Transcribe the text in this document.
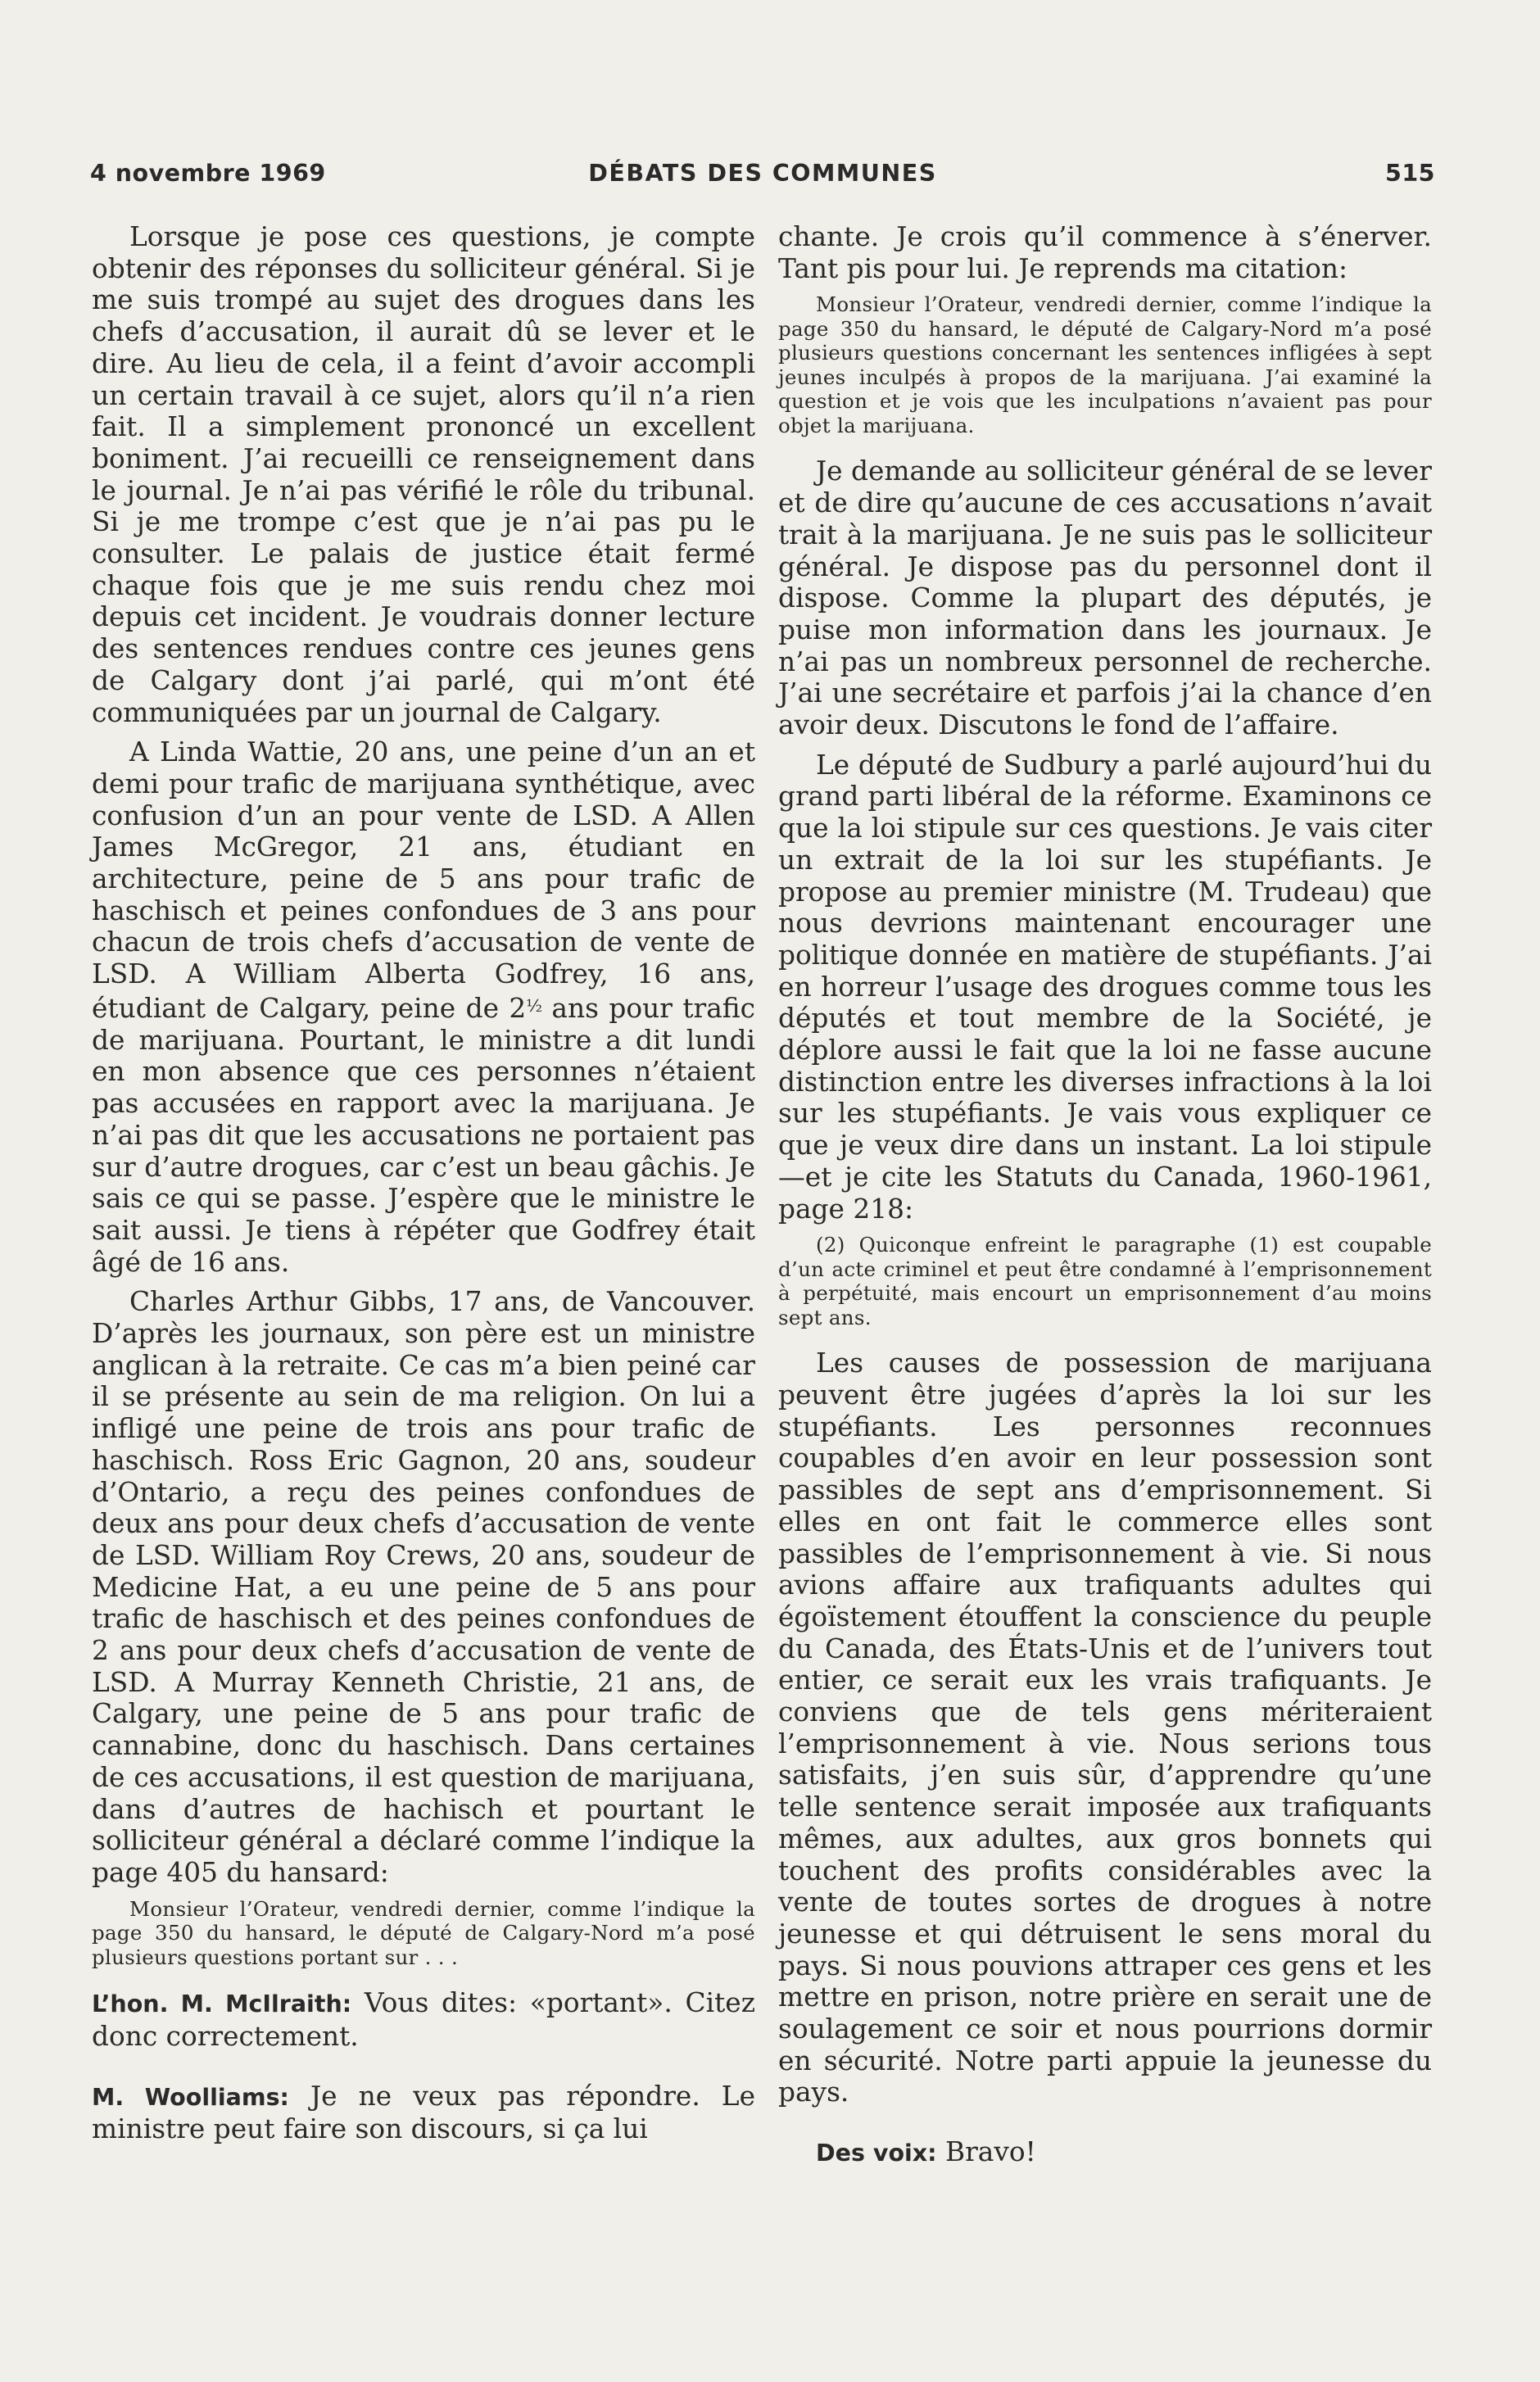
4 novembre 1969	DÉBATS DES COMMUNES	515

Lorsque je pose ces questions, je compte obtenir des réponses du solliciteur général. Si je me suis trompé au sujet des drogues dans les chefs d’accusation, il aurait dû se lever et le dire. Au lieu de cela, il a feint d’avoir accompli un certain travail à ce sujet, alors qu’il n’a rien fait. Il a simplement prononcé un excellent boniment. J’ai recueilli ce renseignement dans le journal. Je n’ai pas vérifié le rôle du tribunal. Si je me trompe c’est que je n’ai pas pu le consulter. Le palais de justice était fermé chaque fois que je me suis rendu chez moi depuis cet incident. Je voudrais donner lecture des sentences rendues contre ces jeunes gens de Calgary dont j’ai parlé, qui m’ont été communiquées par un journal de Calgary.

A Linda Wattie, 20 ans, une peine d’un an et demi pour trafic de marijuana synthétique, avec confusion d’un an pour vente de LSD. A Allen James McGregor, 21 ans, étudiant en architecture, peine de 5 ans pour trafic de haschisch et peines confondues de 3 ans pour chacun de trois chefs d’accusation de vente de LSD. A William Alberta Godfrey, 16 ans, étudiant de Calgary, peine de $2^{\frac{1}{2}}$ ans pour trafic de marijuana. Pourtant, le ministre a dit lundi en mon absence que ces personnes n’étaient pas accusées en rapport avec la marijuana. Je n’ai pas dit que les accusations ne portaient pas sur d’autre drogues, car c’est un beau gâchis. Je sais ce qui se passe. J’espère que le ministre le sait aussi. Je tiens à répéter que Godfrey était âgé de 16 ans.

Charles Arthur Gibbs, 17 ans, de Vancouver. D’après les journaux, son père est un ministre anglican à la retraite. Ce cas m’a bien peiné car il se présente au sein de ma religion. On lui a infligé une peine de trois ans pour trafic de haschisch. Ross Eric Gagnon, 20 ans, soudeur d’Ontario, a reçu des peines confondues de deux ans pour deux chefs d’accusation de vente de LSD. William Roy Crews, 20 ans, soudeur de Medicine Hat, a eu une peine de 5 ans pour trafic de haschisch et des peines confondues de 2 ans pour deux chefs d’accusation de vente de LSD. A Murray Kenneth Christie, 21 ans, de Calgary, une peine de 5 ans pour trafic de cannabine, donc du haschisch. Dans certaines de ces accusations, il est question de marijuana, dans d’autres de hachisch et pourtant le solliciteur général a déclaré comme l’indique la page 405 du hansard:

Monsieur l’Orateur, vendredi dernier, comme l’indique la page 350 du hansard, le député de Calgary-Nord m’a posé plusieurs questions portant sur . . .

L’hon. M. McIlraith: Vous dites: «portant». Citez donc correctement.

M. Woolliams: Je ne veux pas répondre. Le ministre peut faire son discours, si ça lui

chante. Je crois qu’il commence à s’énerver. Tant pis pour lui. Je reprends ma citation:

Monsieur l’Orateur, vendredi dernier, comme l’indique la page 350 du hansard, le député de Calgary-Nord m’a posé plusieurs questions concernant les sentences infligées à sept jeunes inculpés à propos de la marijuana. J’ai examiné la question et je vois que les inculpations n’avaient pas pour objet la marijuana.

Je demande au solliciteur général de se lever et de dire qu’aucune de ces accusations n’avait trait à la marijuana. Je ne suis pas le solliciteur général. Je dispose pas du personnel dont il dispose. Comme la plupart des députés, je puise mon information dans les journaux. Je n’ai pas un nombreux personnel de recherche. J’ai une secrétaire et parfois j’ai la chance d’en avoir deux. Discutons le fond de l’affaire.

Le député de Sudbury a parlé aujourd’hui du grand parti libéral de la réforme. Examinons ce que la loi stipule sur ces questions. Je vais citer un extrait de la loi sur les stupéfiants. Je propose au premier ministre (M. Trudeau) que nous devrions maintenant encourager une politique donnée en matière de stupéfiants. J’ai en horreur l’usage des drogues comme tous les députés et tout membre de la Société, je déplore aussi le fait que la loi ne fasse aucune distinction entre les diverses infractions à la loi sur les stupéfiants. Je vais vous expliquer ce que je veux dire dans un instant. La loi stipule—et je cite les Statuts du Canada, 1960-1961, page 218:

(2) Quiconque enfreint le paragraphe (1) est coupable d’un acte criminel et peut être condamné à l’emprisonnement à perpétuité, mais encourt un emprisonnement d’au moins sept ans.

Les causes de possession de marijuana peuvent être jugées d’après la loi sur les stupéfiants. Les personnes reconnues coupables d’en avoir en leur possession sont passibles de sept ans d’emprisonnement. Si elles en ont fait le commerce elles sont passibles de l’emprisonnement à vie. Si nous avions affaire aux trafiquants adultes qui égoïstement étouffent la conscience du peuple du Canada, des États-Unis et de l’univers tout entier, ce serait eux les vrais trafiquants. Je conviens que de tels gens mériteraient l’emprisonnement à vie. Nous serions tous satisfaits, j’en suis sûr, d’apprendre qu’une telle sentence serait imposée aux trafiquants mêmes, aux adultes, aux gros bonnets qui touchent des profits considérables avec la vente de toutes sortes de drogues à notre jeunesse et qui détruisent le sens moral du pays. Si nous pouvions attraper ces gens et les mettre en prison, notre prière en serait une de soulagement ce soir et nous pourrions dormir en sécurité. Notre parti appuie la jeunesse du pays.

Des voix: Bravo!
